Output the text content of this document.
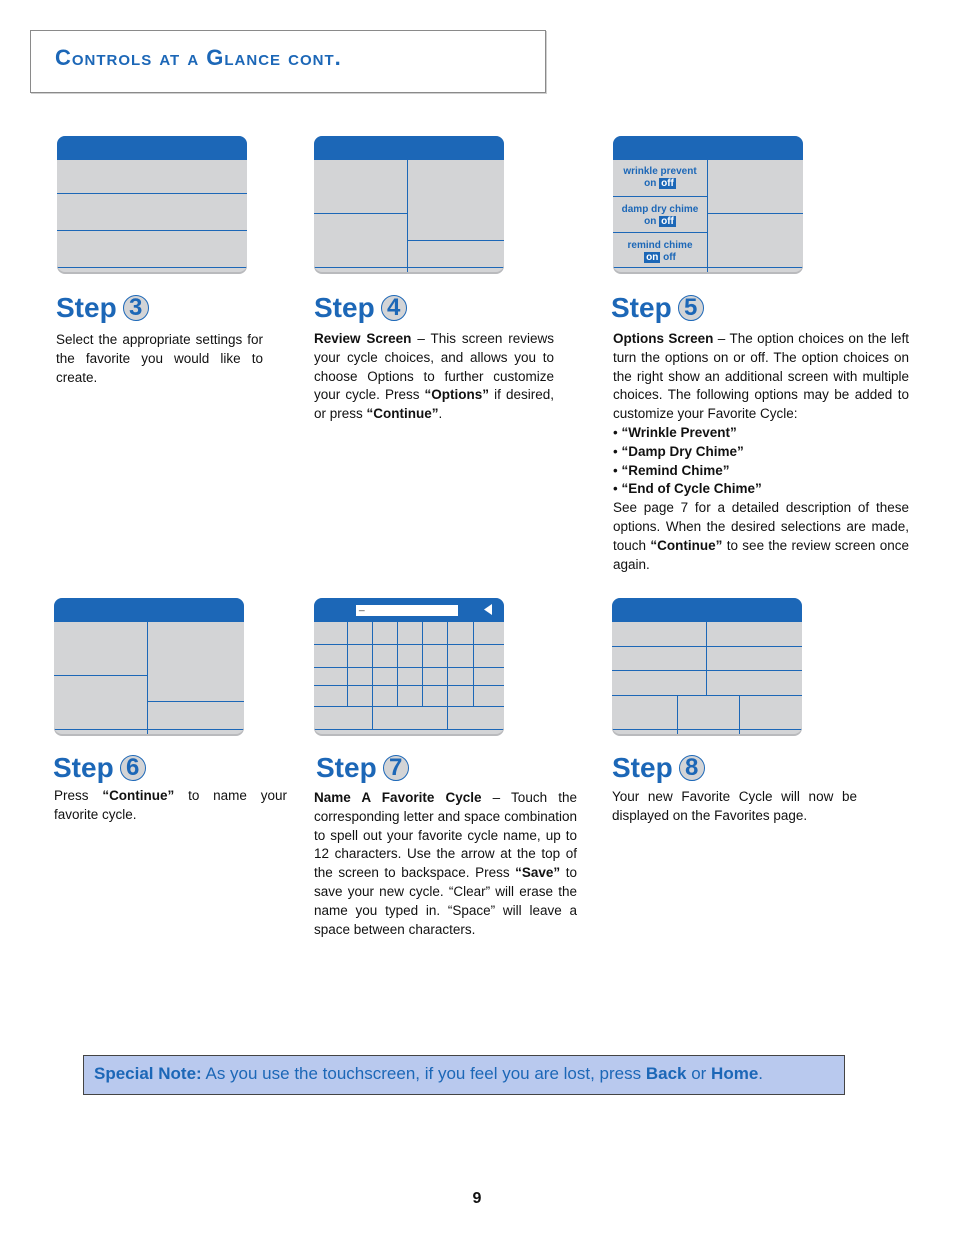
Controls at a Glance cont.
wrinkle prevent
on off
damp dry chime
on off
remind chime
on off
_
Step 3	Step 4	Step 5
Step 6	Step 7	Step 8
Select the appropriate settings for the favorite you would like to create.
Review Screen – This screen reviews your cycle choices, and allows you to choose Options to further customize your cycle. Press “Options” if desired, or press “Continue”.
Options Screen – The option choices on the left turn the options on or off. The option choices on the right show an additional screen with multiple choices. The following options may be added to customize your Favorite Cycle:
• “Wrinkle Prevent”
• “Damp Dry Chime”
• “Remind Chime”
• “End of Cycle Chime”
See page 7 for a detailed description of these options. When the desired selections are made, touch “Continue” to see the review screen once again.
Press “Continue” to name your favorite cycle.
Name A Favorite Cycle – Touch the corresponding letter and space combination to spell out your favorite cycle name, up to 12 characters. Use the arrow at the top of the screen to backspace. Press “Save” to save your new cycle. “Clear” will erase the name you typed in. “Space” will leave a space between characters.
Your new Favorite Cycle will now be displayed on the Favorites page.
Special Note: As you use the touchscreen, if you feel you are lost, press Back or Home.
9
